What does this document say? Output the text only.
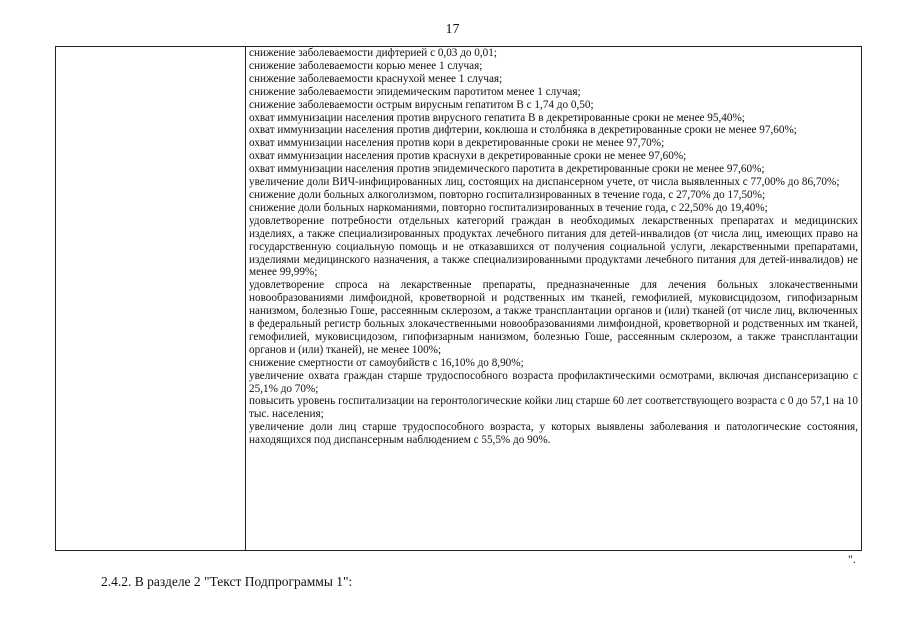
17

снижение заболеваемости дифтерией с 0,03 до 0,01;

снижение заболеваемости корью менее 1 случая;

снижение заболеваемости краснухой менее 1 случая;

снижение заболеваемости эпидемическим паротитом менее 1 случая;

снижение заболеваемости острым вирусным гепатитом В с 1,74 до 0,50;

охват иммунизации населения против вирусного гепатита В в декретированные сроки не менее 95,40%;

охват иммунизации населения против дифтерии, коклюша и столбняка в декретированные сроки не менее 97,60%;

охват иммунизации населения против кори в декретированные сроки не менее 97,70%;

охват иммунизации населения против краснухи в декретированные сроки не менее 97,60%;

охват иммунизации населения против эпидемического паротита в декретированные сроки не менее 97,60%;

увеличение доли ВИЧ-инфицированных лиц, состоящих на диспансерном учете, от числа выявленных с 77,00% до 86,70%;

снижение доли больных алкоголизмом, повторно госпитализированных в течение года, с 27,70% до 17,50%;

снижение доли больных наркоманиями, повторно госпитализированных в течение года, с 22,50% до 19,40%;

удовлетворение потребности отдельных категорий граждан в необходимых лекарственных препаратах и медицинских изделиях, а также специализированных продуктах лечебного питания для детей-инвалидов (от числа лиц, имеющих право на государственную социальную помощь и не отказавшихся от получения социальной услуги, лекарственными препаратами, изделиями медицинского назначения, а также специализированными продуктами лечебного питания для детей-инвалидов) не менее 99,99%;

удовлетворение спроса на лекарственные препараты, предназначенные для лечения больных злокачественными новообразованиями лимфоидной, кроветворной и родственных им тканей, гемофилией, муковисцидозом, гипофизарным нанизмом, болезнью Гоше, рассеянным склерозом, а также трансплантации органов и (или) тканей (от числе лиц, включенных в федеральный регистр больных злокачественными новообразованиями лимфоидной, кроветворной и родственных им тканей, гемофилией, муковисцидозом, гипофизарным нанизмом, болезнью Гоше, рассеянным склерозом, а также трансплантации органов и (или) тканей), не менее 100%;

снижение смертности от самоубийств с 16,10% до 8,90%;

увеличение охвата граждан старше трудоспособного возраста профилактическими осмотрами, включая диспансеризацию с 25,1% до 70%;

повысить уровень госпитализации на геронтологические койки лиц старше 60 лет соответствующего возраста с 0 до 57,1 на 10 тыс. населения;

увеличение доли лиц старше трудоспособного возраста, у которых выявлены заболевания и патологические состояния, находящихся под диспансерным наблюдением с 55,5% до 90%.

".
2.4.2. В разделе 2 "Текст Подпрограммы 1":
